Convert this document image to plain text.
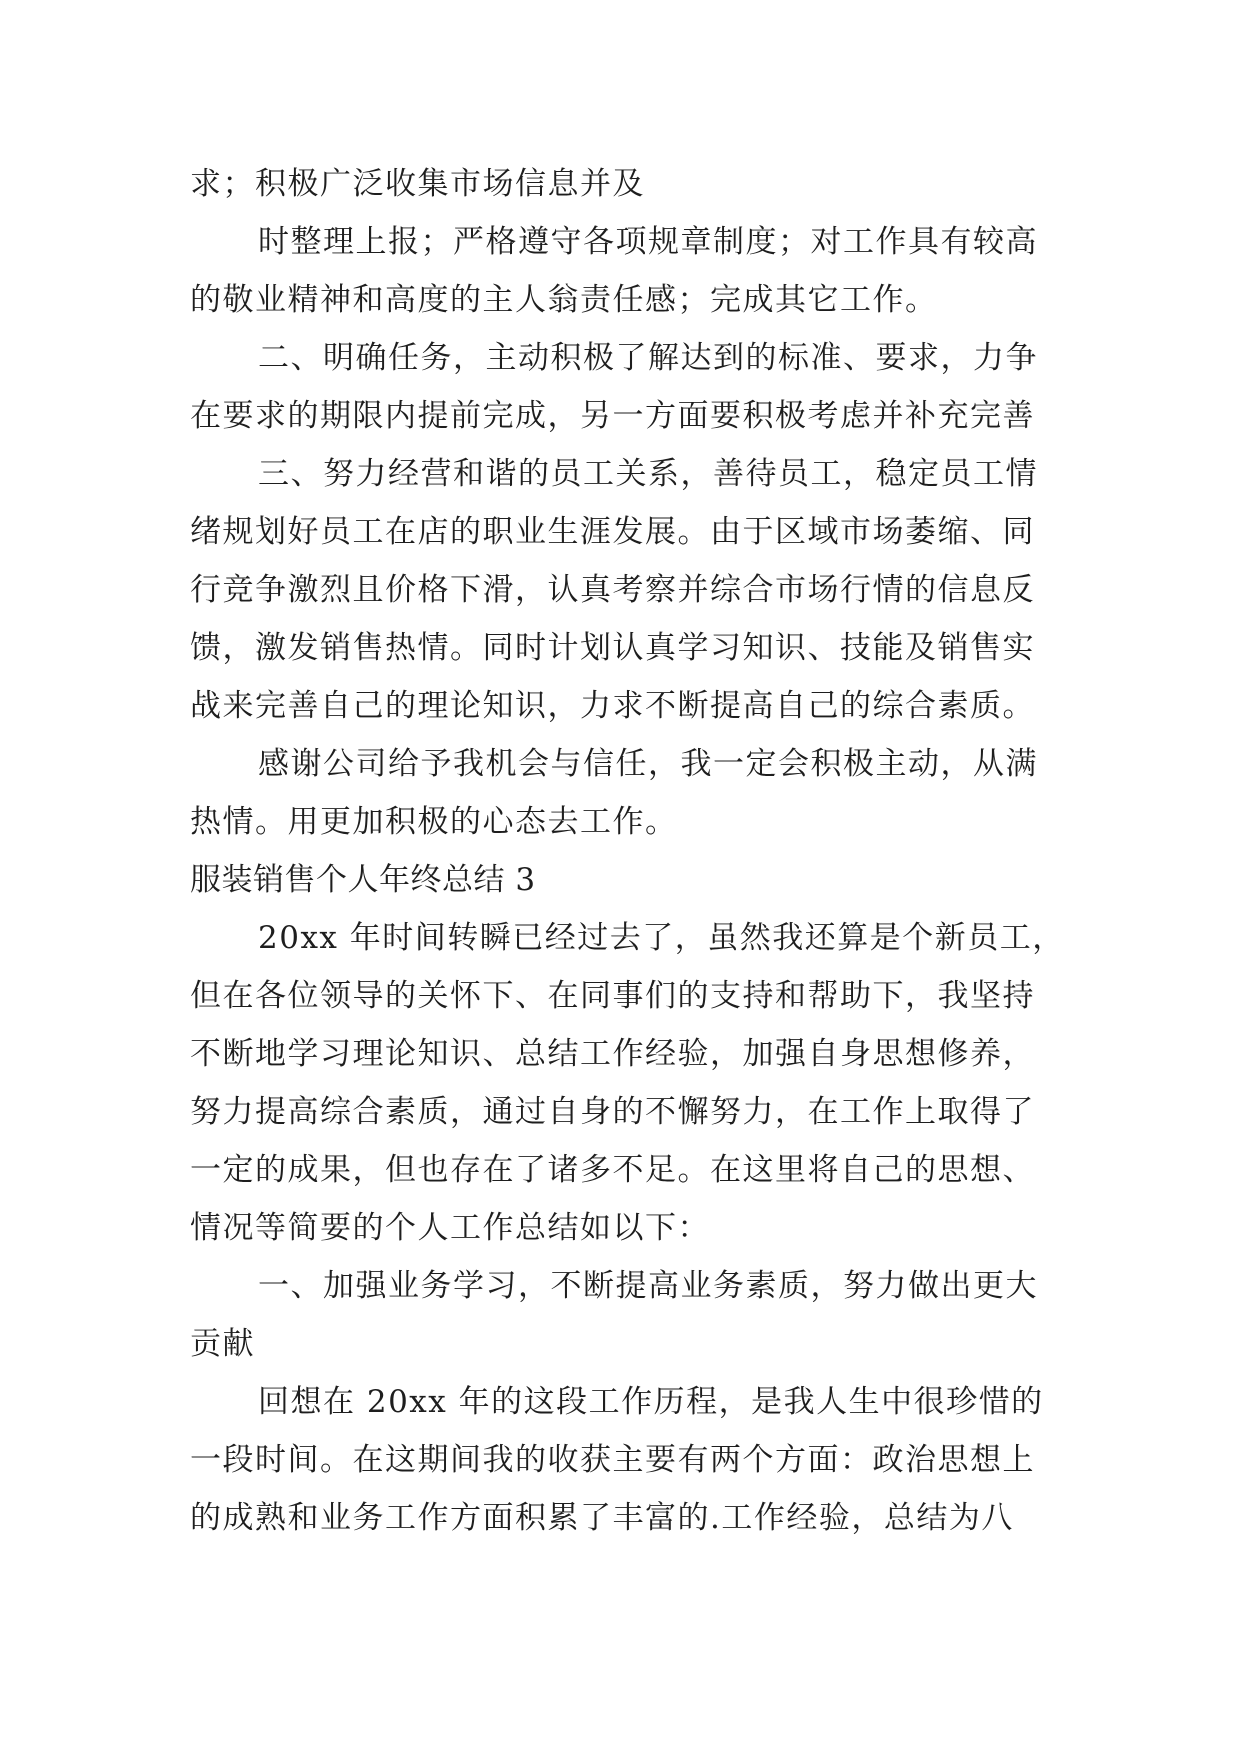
求；积极广泛收集市场信息并及
时整理上报；严格遵守各项规章制度；对工作具有较高
的敬业精神和高度的主人翁责任感；完成其它工作。
二、明确任务，主动积极了解达到的标准、要求，力争
在要求的期限内提前完成，另一方面要积极考虑并补充完善
三、努力经营和谐的员工关系，善待员工，稳定员工情
绪规划好员工在店的职业生涯发展。由于区域市场萎缩、同
行竞争激烈且价格下滑，认真考察并综合市场行情的信息反
馈，激发销售热情。同时计划认真学习知识、技能及销售实
战来完善自己的理论知识，力求不断提高自己的综合素质。
感谢公司给予我机会与信任，我一定会积极主动，从满
热情。用更加积极的心态去工作。
服装销售个人年终总结 3
20xx 年时间转瞬已经过去了，虽然我还算是个新员工，
但在各位领导的关怀下、在同事们的支持和帮助下，我坚持
不断地学习理论知识、总结工作经验，加强自身思想修养，
努力提高综合素质，通过自身的不懈努力，在工作上取得了
一定的成果，但也存在了诸多不足。在这里将自己的思想、
情况等简要的个人工作总结如以下：
一、加强业务学习，不断提高业务素质，努力做出更大
贡献
回想在 20xx 年的这段工作历程，是我人生中很珍惜的
一段时间。在这期间我的收获主要有两个方面：政治思想上
的成熟和业务工作方面积累了丰富的.工作经验，总结为八
